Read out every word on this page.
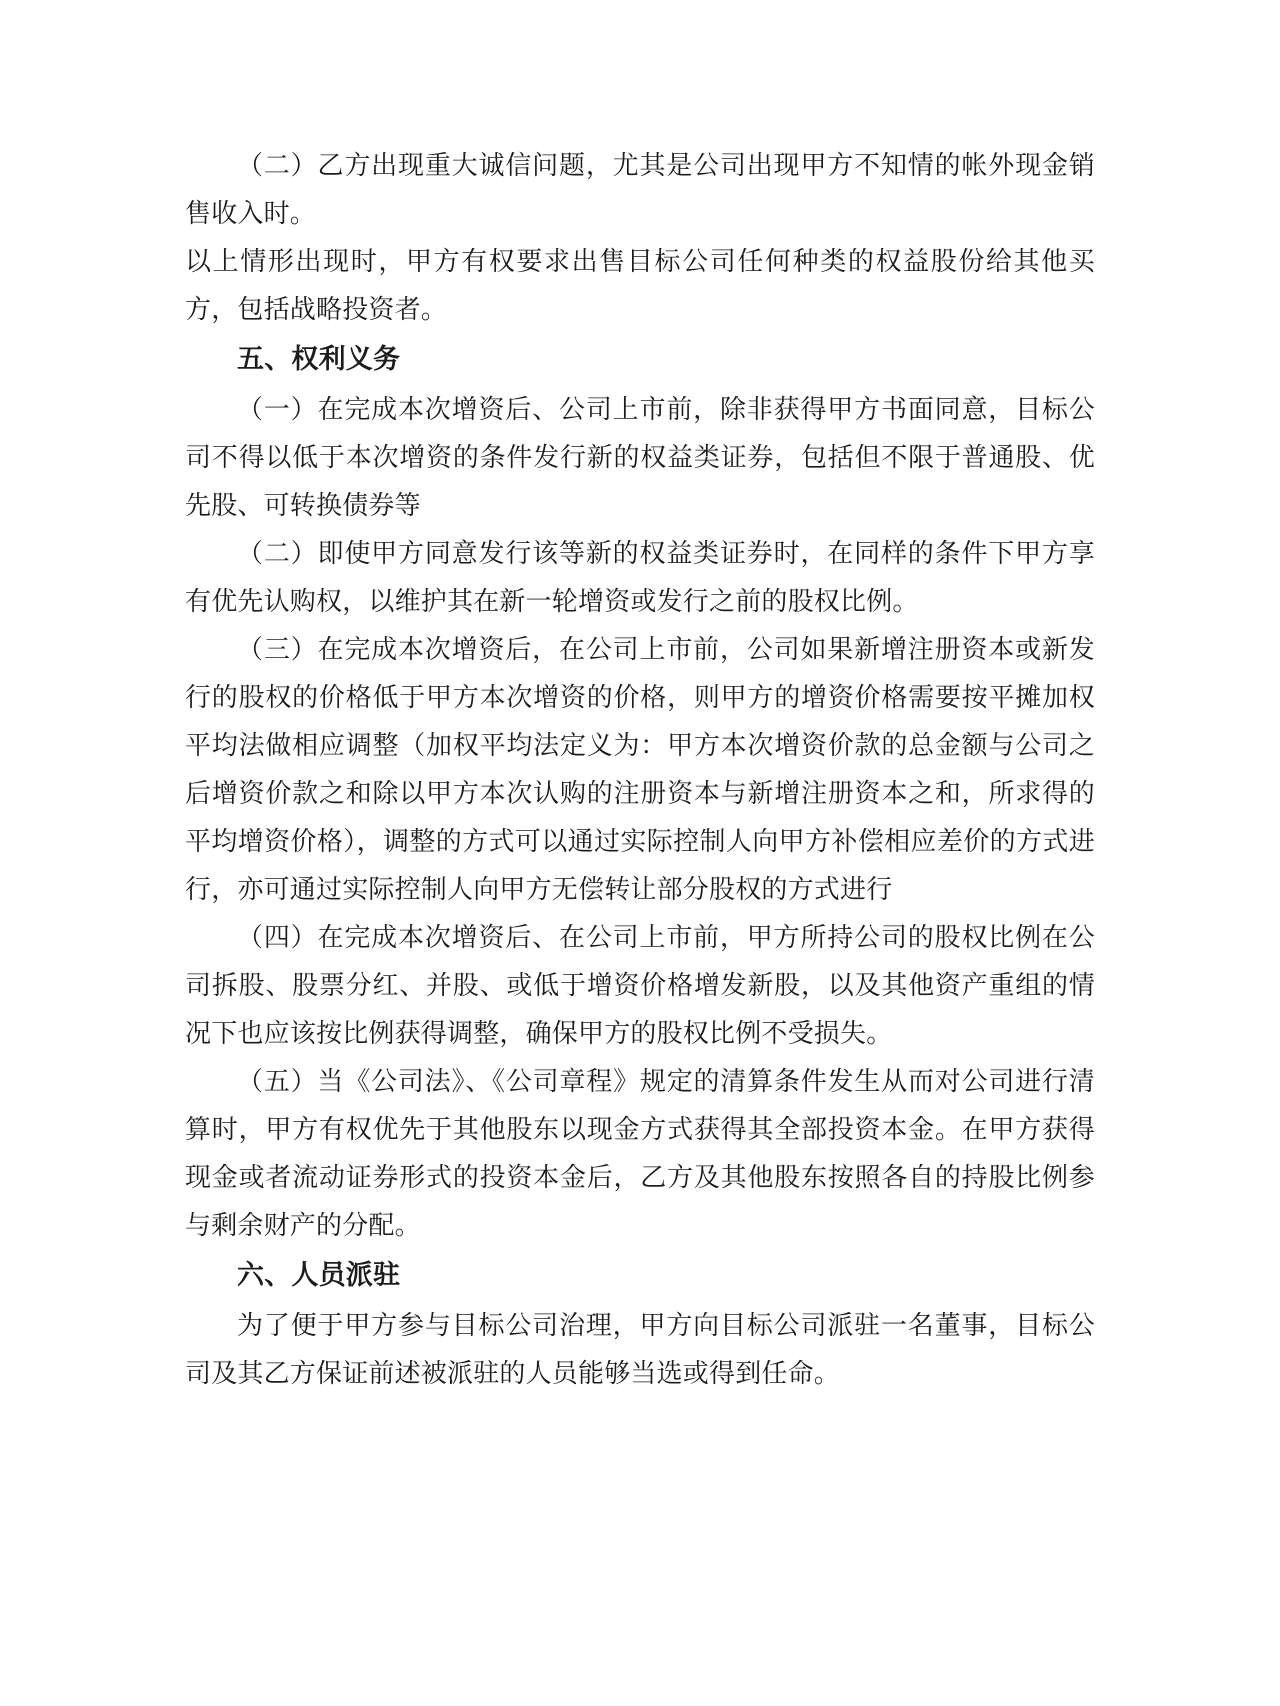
（二）乙方出现重大诚信问题，尤其是公司出现甲方不知情的帐外现金销售收入时。

以上情形出现时，甲方有权要求出售目标公司任何种类的权益股份给其他买方，包括战略投资者。

五、权利义务

（一）在完成本次增资后、公司上市前，除非获得甲方书面同意，目标公司不得以低于本次增资的条件发行新的权益类证券，包括但不限于普通股、优先股、可转换债券等

（二）即使甲方同意发行该等新的权益类证券时，在同样的条件下甲方享有优先认购权，以维护其在新一轮增资或发行之前的股权比例。

（三）在完成本次增资后，在公司上市前，公司如果新增注册资本或新发行的股权的价格低于甲方本次增资的价格，则甲方的增资价格需要按平摊加权平均法做相应调整（加权平均法定义为：甲方本次增资价款的总金额与公司之后增资价款之和除以甲方本次认购的注册资本与新增注册资本之和，所求得的平均增资价格），调整的方式可以通过实际控制人向甲方补偿相应差价的方式进行，亦可通过实际控制人向甲方无偿转让部分股权的方式进行

（四）在完成本次增资后、在公司上市前，甲方所持公司的股权比例在公司拆股、股票分红、并股、或低于增资价格增发新股，以及其他资产重组的情况下也应该按比例获得调整，确保甲方的股权比例不受损失。

（五）当《公司法》、《公司章程》规定的清算条件发生从而对公司进行清算时，甲方有权优先于其他股东以现金方式获得其全部投资本金。在甲方获得现金或者流动证券形式的投资本金后，乙方及其他股东按照各自的持股比例参与剩余财产的分配。

六、人员派驻

为了便于甲方参与目标公司治理，甲方向目标公司派驻一名董事，目标公司及其乙方保证前述被派驻的人员能够当选或得到任命。
